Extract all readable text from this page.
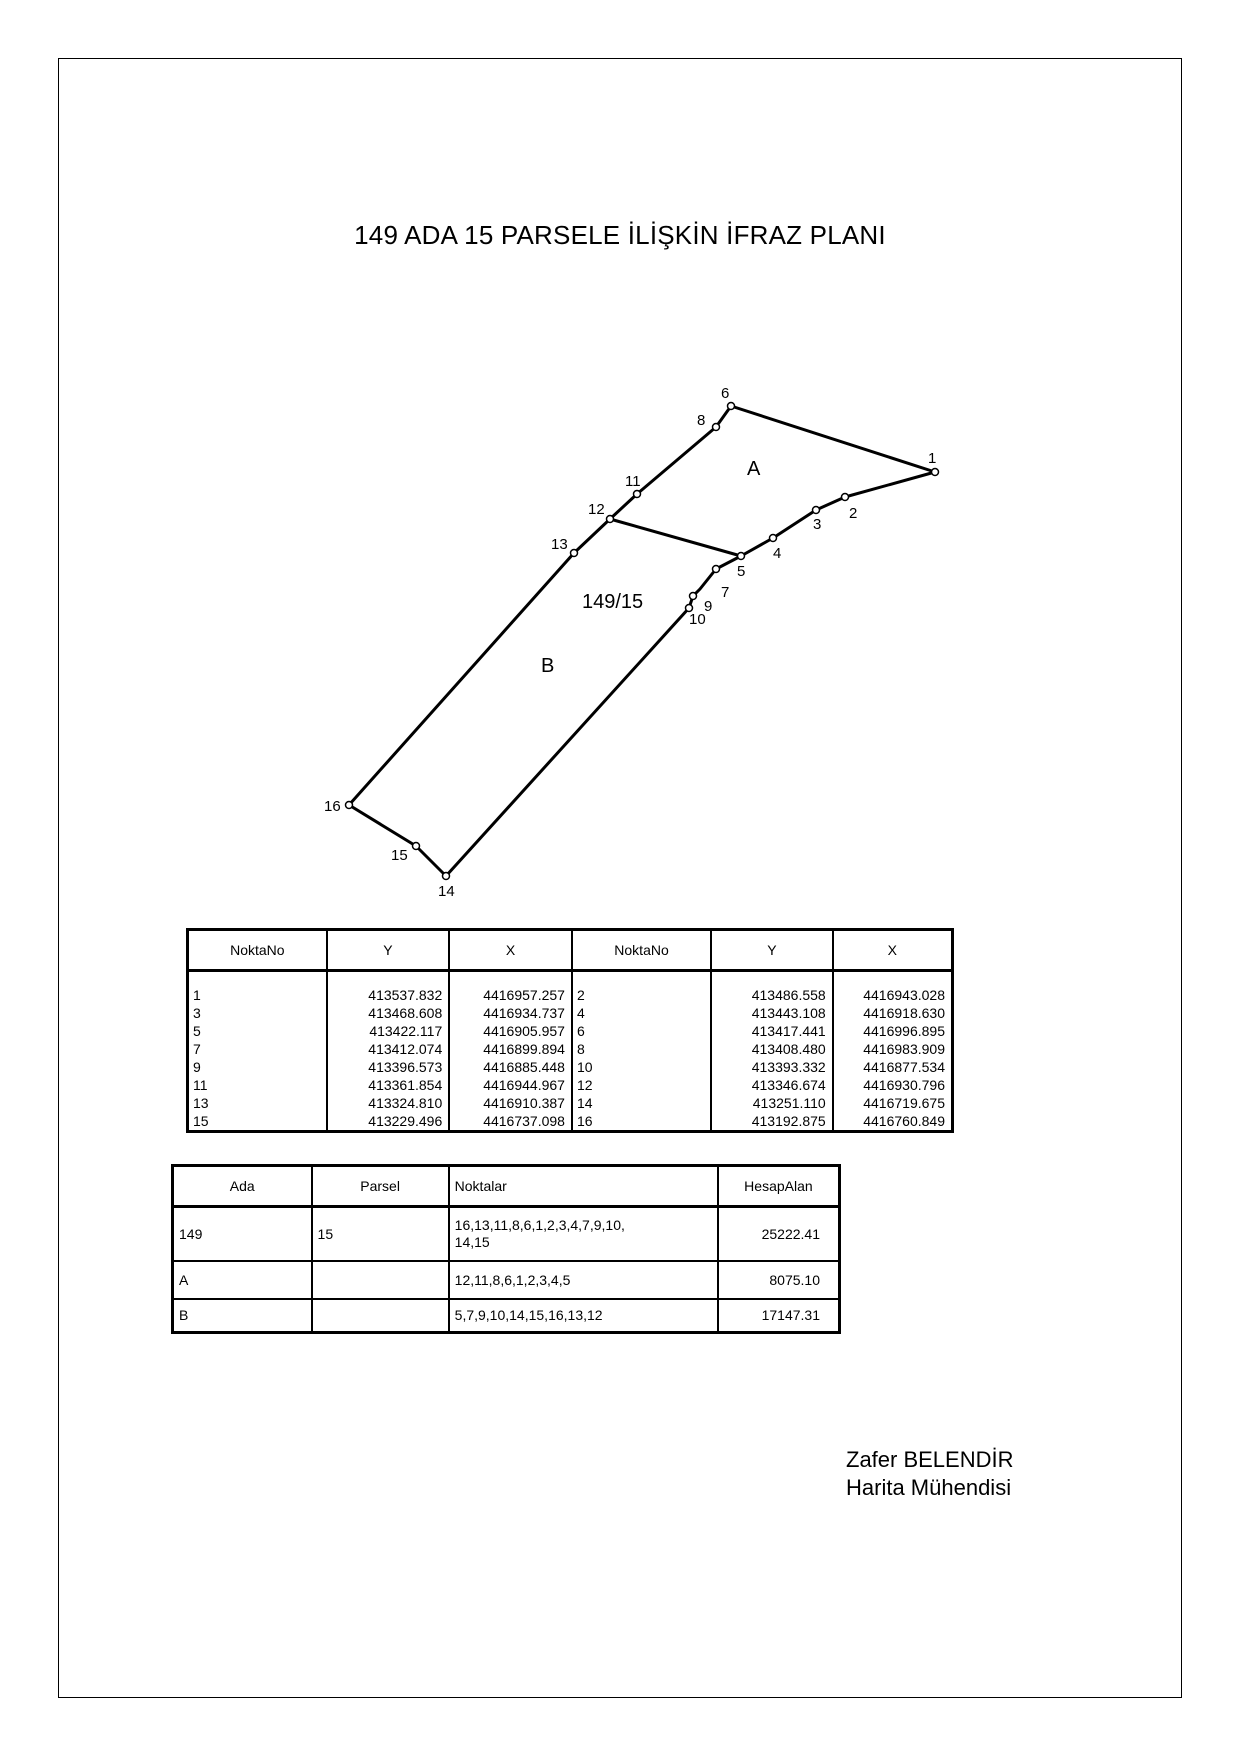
149 ADA 15 PARSELE İLİŞKİN İFRAZ PLANI
1
2
3
4
5
6
7
8
9
10
11
12
13
14
15
16
A
149/15
B
NoktaNo	Y	X	NoktaNo	Y	X
1	413537.832	4416957.257	2	413486.558	4416943.028
3	413468.608	4416934.737	4	413443.108	4416918.630
5	413422.117	4416905.957	6	413417.441	4416996.895
7	413412.074	4416899.894	8	413408.480	4416983.909
9	413396.573	4416885.448	10	413393.332	4416877.534
11	413361.854	4416944.967	12	413346.674	4416930.796
13	413324.810	4416910.387	14	413251.110	4416719.675
15	413229.496	4416737.098	16	413192.875	4416760.849
Ada	Parsel	Noktalar	HesapAlan
149	15	16,13,11,8,6,1,2,3,4,7,9,10,
14,15	25222.41
A		12,11,8,6,1,2,3,4,5	8075.10
B		5,7,9,10,14,15,16,13,12	17147.31
Zafer BELENDİR
Harita Mühendisi
